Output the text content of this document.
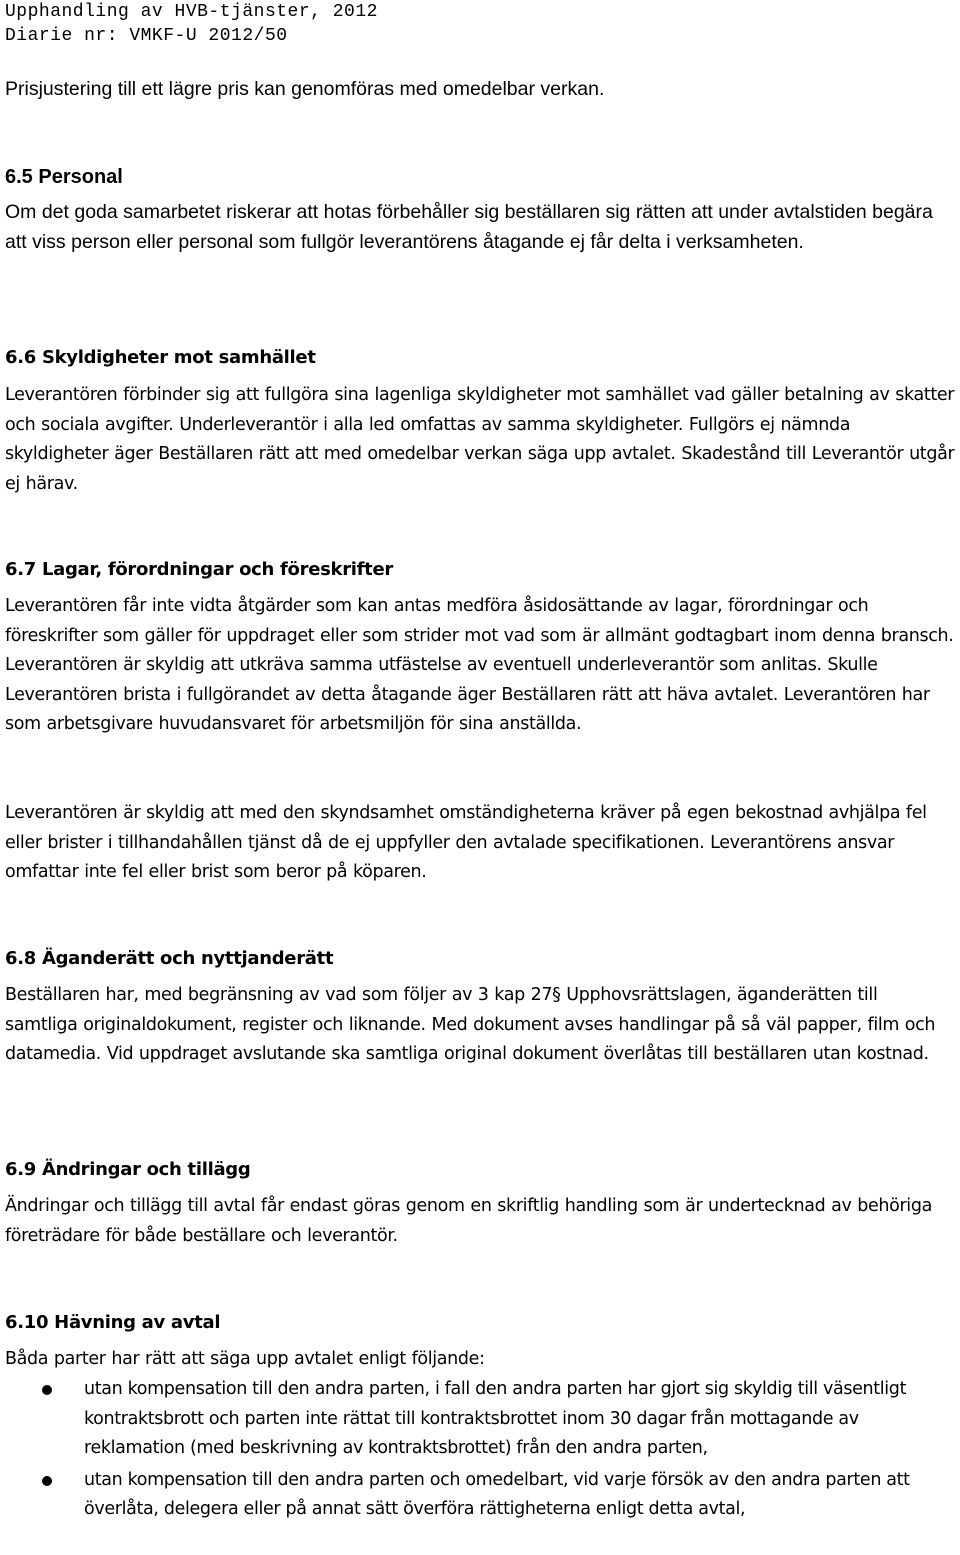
Upphandling av HVB-tjänster, 2012
Diarie nr: VMKF-U 2012/50

Prisjustering till ett lägre pris kan genomföras med omedelbar verkan.

6.5 Personal

Om det goda samarbetet riskerar att hotas förbehåller sig beställaren sig rätten att under avtalstiden begära att viss person eller personal som fullgör leverantörens åtagande ej får delta i verksamheten.

6.6 Skyldigheter mot samhället

Leverantören förbinder sig att fullgöra sina lagenliga skyldigheter mot samhället vad gäller betalning av skatter och sociala avgifter. Underleverantör i alla led omfattas av samma skyldigheter. Fullgörs ej nämnda skyldigheter äger Beställaren rätt att med omedelbar verkan säga upp avtalet. Skadestånd till Leverantör utgår ej härav.

6.7 Lagar, förordningar och föreskrifter

Leverantören får inte vidta åtgärder som kan antas medföra åsidosättande av lagar, förordningar och föreskrifter som gäller för uppdraget eller som strider mot vad som är allmänt godtagbart inom denna bransch. Leverantören är skyldig att utkräva samma utfästelse av eventuell underleverantör som anlitas. Skulle Leverantören brista i fullgörandet av detta åtagande äger Beställaren rätt att häva avtalet. Leverantören har som arbetsgivare huvudansvaret för arbetsmiljön för sina anställda.

Leverantören är skyldig att med den skyndsamhet omständigheterna kräver på egen bekostnad avhjälpa fel eller brister i tillhandahållen tjänst då de ej uppfyller den avtalade specifikationen. Leverantörens ansvar omfattar inte fel eller brist som beror på köparen.

6.8 Äganderätt och nyttjanderätt

Beställaren har, med begränsning av vad som följer av 3 kap 27§ Upphovsrättslagen, äganderätten till samtliga originaldokument, register och liknande. Med dokument avses handlingar på så väl papper, film och datamedia. Vid uppdraget avslutande ska samtliga original dokument överlåtas till beställaren utan kostnad.

6.9 Ändringar och tillägg

Ändringar och tillägg till avtal får endast göras genom en skriftlig handling som är undertecknad av behöriga företrädare för både beställare och leverantör.

6.10 Hävning av avtal

Båda parter har rätt att säga upp avtalet enligt följande:

utan kompensation till den andra parten, i fall den andra parten har gjort sig skyldig till väsentligt kontraktsbrott och parten inte rättat till kontraktsbrottet inom 30 dagar från mottagande av reklamation (med beskrivning av kontraktsbrottet) från den andra parten,
utan kompensation till den andra parten och omedelbart, vid varje försök av den andra parten att överlåta, delegera eller på annat sätt överföra rättigheterna enligt detta avtal,
